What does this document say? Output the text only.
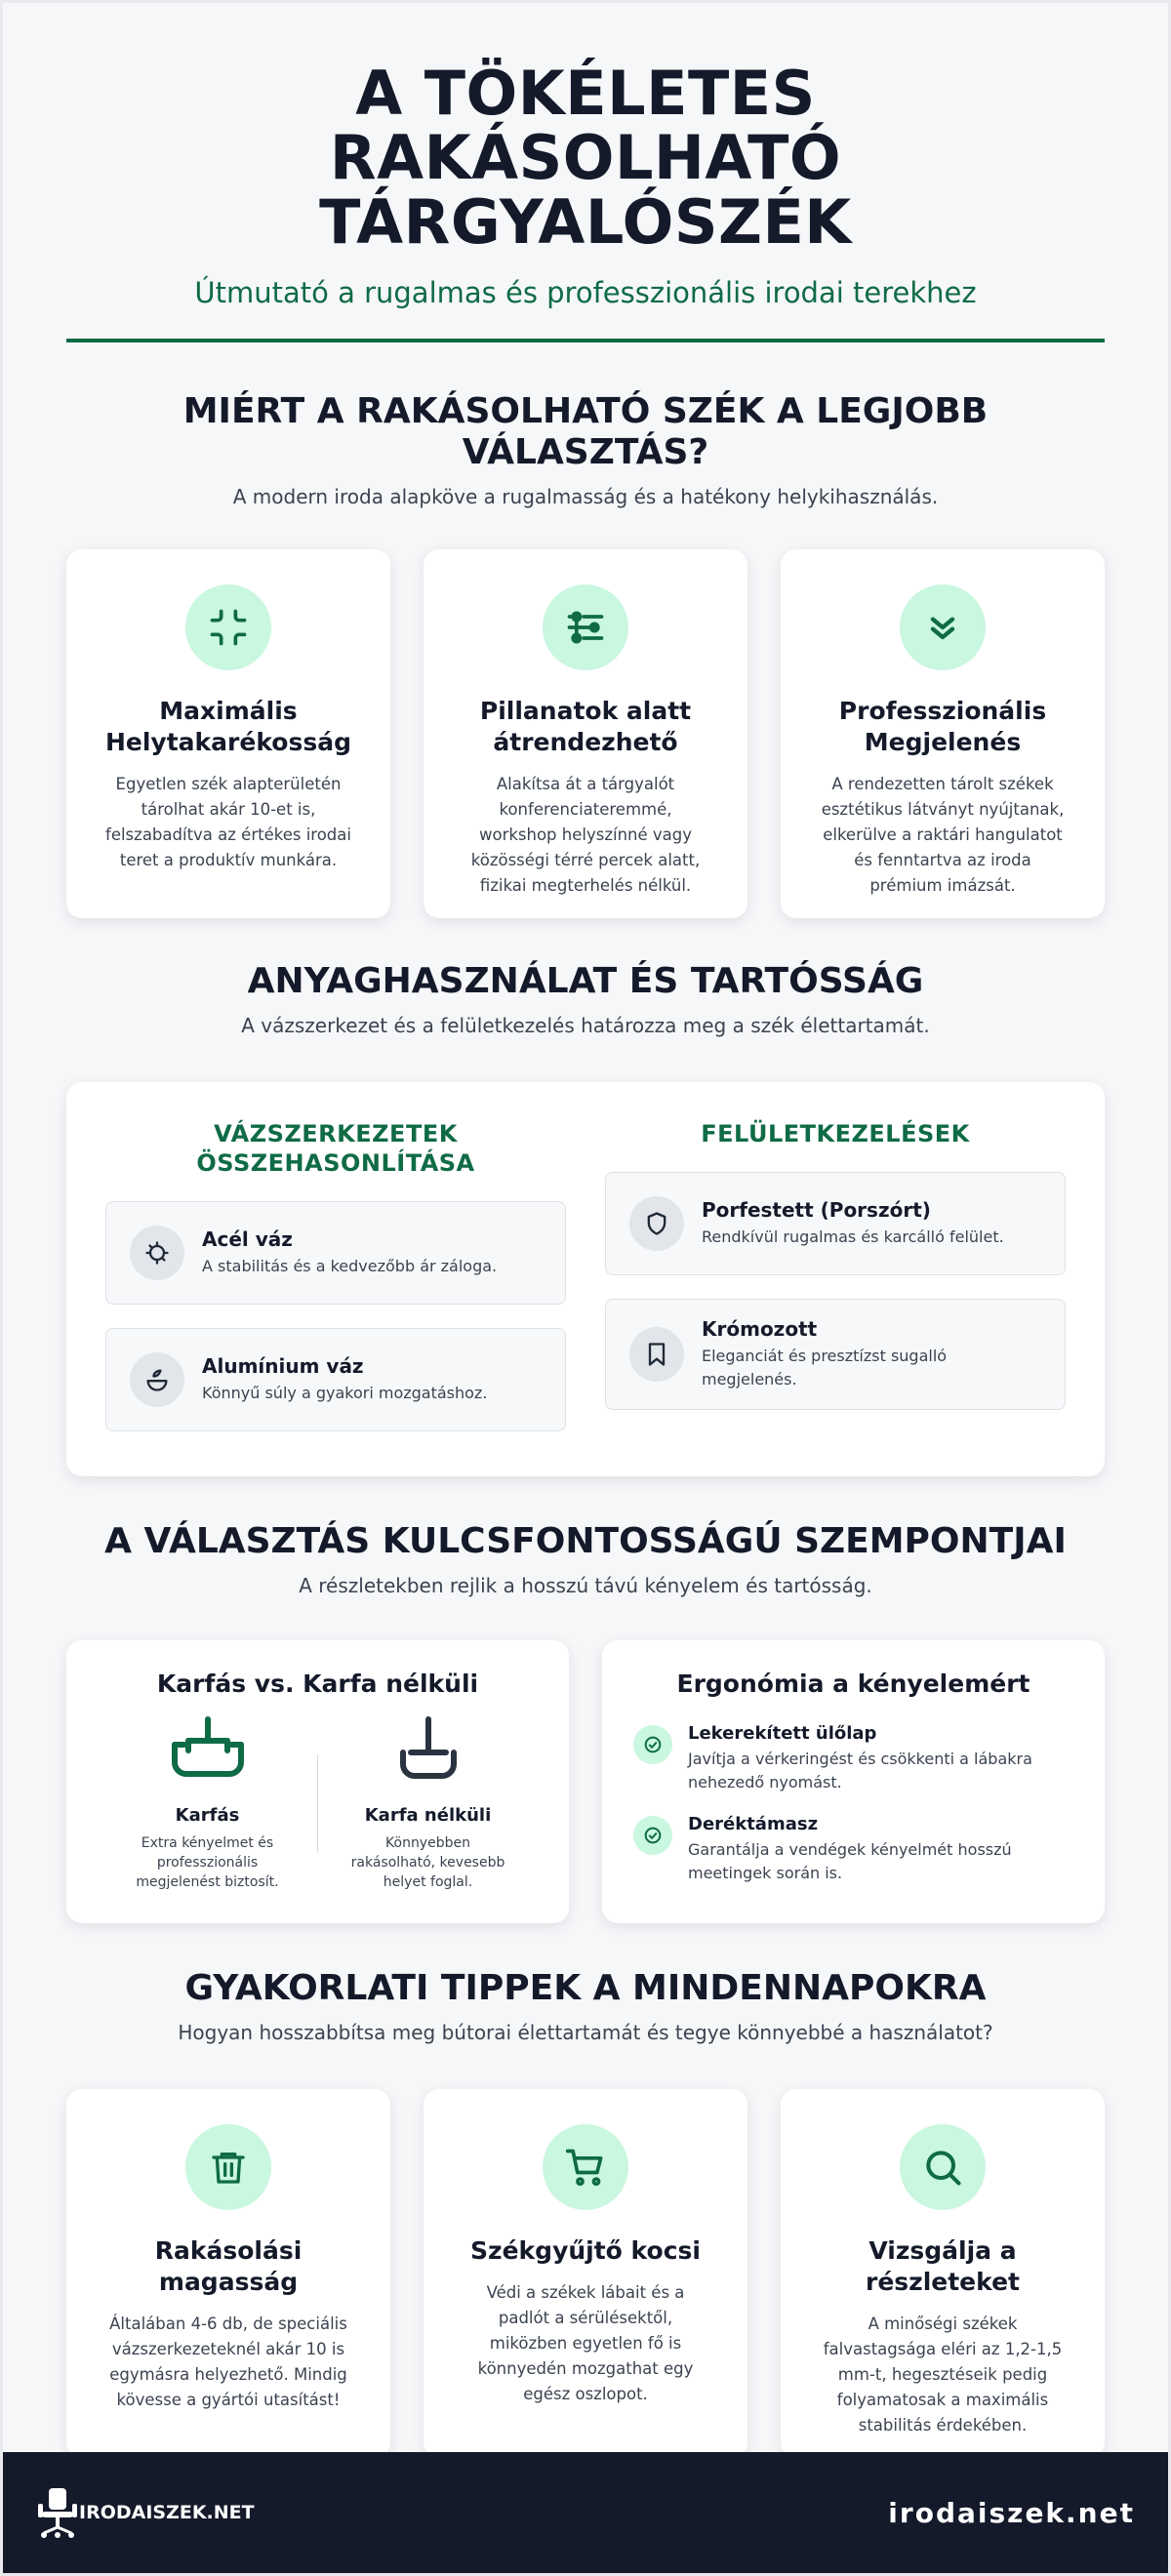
A TÖKÉLETES RAKÁSOLHATÓ TÁRGYALÓSZÉK
Útmutató a rugalmas és professzionális irodai terekhez
MIÉRT A RAKÁSOLHATÓ SZÉK A LEGJOBB VÁLASZTÁS?

A modern iroda alapköve a rugalmasság és a hatékony helykihasználás.

Maximális Helytakarékosság

Egyetlen szék alapterületén tárolhat akár 10-et is, felszabadítva az értékes irodai teret a produktív munkára.

Pillanatok alatt átrendezhető

Alakítsa át a tárgyalót konferenciateremmé, workshop helyszínné vagy közösségi térré percek alatt, fizikai megterhelés nélkül.

Professzionális Megjelenés

A rendezetten tárolt székek esztétikus látványt nyújtanak, elkerülve a raktári hangulatot és fenntartva az iroda prémium imázsát.

ANYAGHASZNÁLAT ÉS TARTÓSSÁG

A vázszerkezet és a felületkezelés határozza meg a szék élettartamát.

VÁZSZERKEZETEK ÖSSZEHASONLÍTÁSA
Acél váz
A stabilitás és a kedvezőbb ár záloga.
Alumínium váz
Könnyű súly a gyakori mozgatáshoz.
FELÜLETKEZELÉSEK
Porfestett (Porszórt)
Rendkívül rugalmas és karcálló felület.
Krómozott
Eleganciát és presztízst sugalló megjelenés.
A VÁLASZTÁS KULCSFONTOSSÁGÚ SZEMPONTJAI

A részletekben rejlik a hosszú távú kényelem és tartósság.

Karfás vs. Karfa nélküli
Karfás
Extra kényelmet és professzionális megjelenést biztosít.
Karfa nélküli
Könnyebben rakásolható, kevesebb helyet foglal.
Ergonómia a kényelemért
Lekerekített ülőlap
Javítja a vérkeringést és csökkenti a lábakra nehezedő nyomást.
Deréktámasz
Garantálja a vendégek kényelmét hosszú meetingek során is.
GYAKORLATI TIPPEK A MINDENNAPOKRA

Hogyan hosszabbítsa meg bútorai élettartamát és tegye könnyebbé a használatot?

Rakásolási magasság

Általában 4-6 db, de speciális vázszerkezeteknél akár 10 is egymásra helyezhető. Mindig kövesse a gyártói utasítást!

Székgyűjtő kocsi

Védi a székek lábait és a padlót a sérülésektől, miközben egyetlen fő is könnyedén mozgathat egy egész oszlopot.

Vizsgálja a részleteket

A minőségi székek falvastagsága eléri az 1,2-1,5 mm-t, hegesztéseik pedig folyamatosak a maximális stabilitás érdekében.

IRODAISZEK.NET	irodaiszek.net
